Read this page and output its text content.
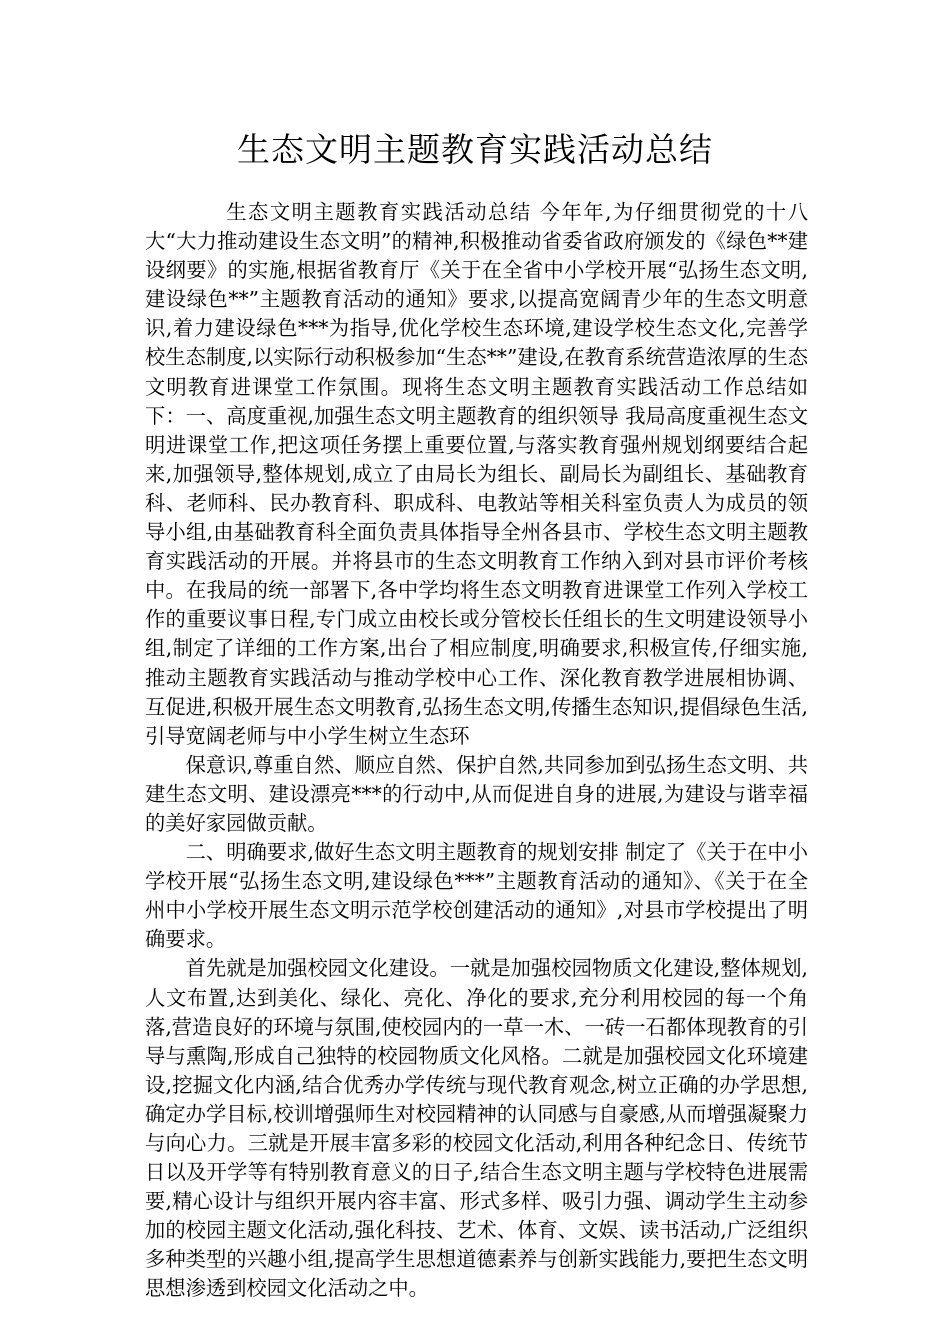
生态文明主题教育实践活动总结

生态文明主题教育实践活动总结 今年年,为仔细贯彻党的十八大“大力推动建设生态文明”的精神,积极推动省委省政府颁发的《绿色**建设纲要》的实施,根据省教育厅《关于在全省中小学校开展“弘扬生态文明,建设绿色**”主题教育活动的通知》要求,以提高宽阔青少年的生态文明意识,着力建设绿色***为指导,优化学校生态环境,建设学校生态文化,完善学校生态制度,以实际行动积极参加“生态**”建设,在教育系统营造浓厚的生态文明教育进课堂工作氛围。现将生态文明主题教育实践活动工作总结如下：一、高度重视,加强生态文明主题教育的组织领导 我局高度重视生态文明进课堂工作,把这项任务摆上重要位置,与落实教育强州规划纲要结合起来,加强领导,整体规划,成立了由局长为组长、副局长为副组长、基础教育科、老师科、民办教育科、职成科、电教站等相关科室负责人为成员的领导小组,由基础教育科全面负责具体指导全州各县市、学校生态文明主题教育实践活动的开展。并将县市的生态文明教育工作纳入到对县市评价考核中。在我局的统一部署下,各中学均将生态文明教育进课堂工作列入学校工作的重要议事日程,专门成立由校长或分管校长任组长的生文明建设领导小组,制定了详细的工作方案,出台了相应制度,明确要求,积极宣传,仔细实施,推动主题教育实践活动与推动学校中心工作、深化教育教学进展相协调、互促进,积极开展生态文明教育,弘扬生态文明,传播生态知识,提倡绿色生活,引导宽阔老师与中小学生树立生态环

保意识,尊重自然、顺应自然、保护自然,共同参加到弘扬生态文明、共建生态文明、建设漂亮***的行动中,从而促进自身的进展,为建设与谐幸福的美好家园做贡献。

二、明确要求,做好生态文明主题教育的规划安排 制定了《关于在中小学校开展“弘扬生态文明,建设绿色***”主题教育活动的通知》、《关于在全州中小学校开展生态文明示范学校创建活动的通知》,对县市学校提出了明确要求。

首先就是加强校园文化建设。一就是加强校园物质文化建设,整体规划,人文布置,达到美化、绿化、亮化、净化的要求,充分利用校园的每一个角落,营造良好的环境与氛围,使校园内的一草一木、一砖一石都体现教育的引导与熏陶,形成自己独特的校园物质文化风格。二就是加强校园文化环境建设,挖掘文化内涵,结合优秀办学传统与现代教育观念,树立正确的办学思想,确定办学目标,校训增强师生对校园精神的认同感与自豪感,从而增强凝聚力与向心力。三就是开展丰富多彩的校园文化活动,利用各种纪念日、传统节日以及开学等有特别教育意义的日子,结合生态文明主题与学校特色进展需要,精心设计与组织开展内容丰富、形式多样、吸引力强、调动学生主动参加的校园主题文化活动,强化科技、艺术、体育、文娱、读书活动,广泛组织多种类型的兴趣小组,提高学生思想道德素养与创新实践能力,要把生态文明思想渗透到校园文化活动之中。
